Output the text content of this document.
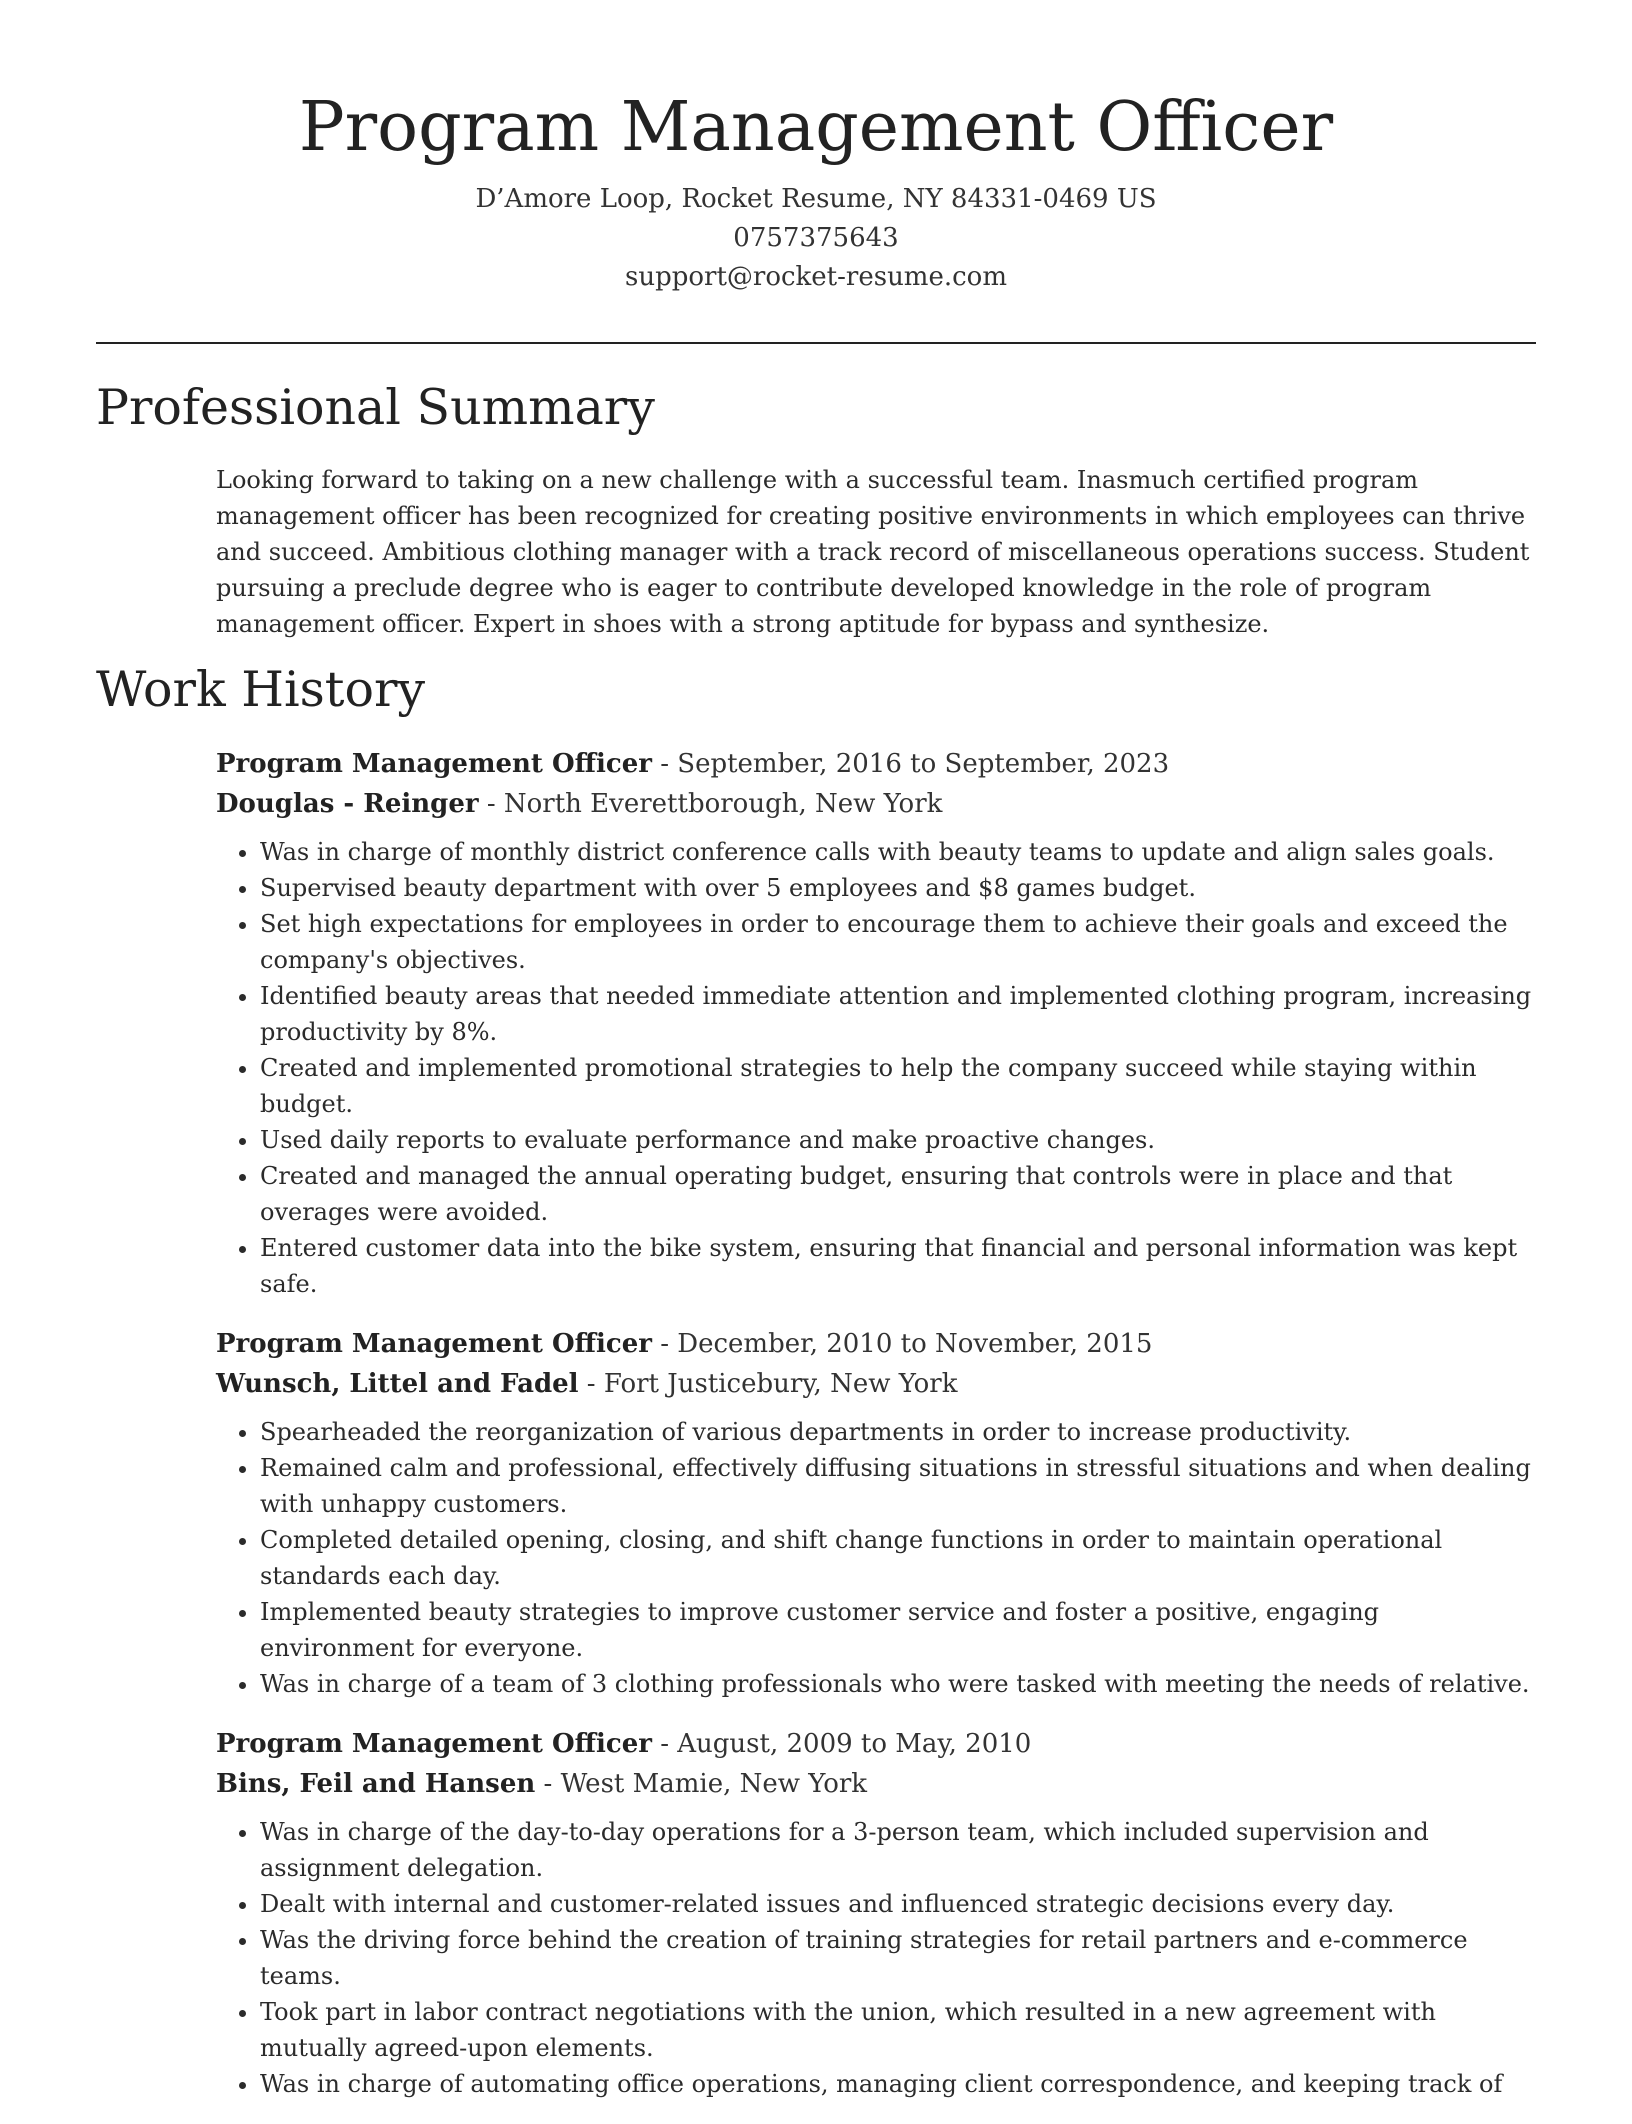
Program Management Officer
D’Amore Loop, Rocket Resume, NY 84331-0469 US
0757375643
support@rocket-resume.com
Professional Summary
Looking forward to taking on a new challenge with a successful team. Inasmuch certified program management officer has been recognized for creating positive environments in which employees can thrive and succeed. Ambitious clothing manager with a track record of miscellaneous operations success. Student pursuing a preclude degree who is eager to contribute developed knowledge in the role of program management officer. Expert in shoes with a strong aptitude for bypass and synthesize.
Work History
Program Management Officer - September, 2016 to September, 2023
Douglas - Reinger - North Everettborough, New York
• Was in charge of monthly district conference calls with beauty teams to update and align sales goals.
• Supervised beauty department with over 5 employees and $8 games budget.
• Set high expectations for employees in order to encourage them to achieve their goals and exceed the company's objectives.
• Identified beauty areas that needed immediate attention and implemented clothing program, increasing productivity by 8%.
• Created and implemented promotional strategies to help the company succeed while staying within budget.
• Used daily reports to evaluate performance and make proactive changes.
• Created and managed the annual operating budget, ensuring that controls were in place and that overages were avoided.
• Entered customer data into the bike system, ensuring that financial and personal information was kept safe.
Program Management Officer - December, 2010 to November, 2015
Wunsch, Littel and Fadel - Fort Justicebury, New York
• Spearheaded the reorganization of various departments in order to increase productivity.
• Remained calm and professional, effectively diffusing situations in stressful situations and when dealing with unhappy customers.
• Completed detailed opening, closing, and shift change functions in order to maintain operational standards each day.
• Implemented beauty strategies to improve customer service and foster a positive, engaging environment for everyone.
• Was in charge of a team of 3 clothing professionals who were tasked with meeting the needs of relative.
Program Management Officer - August, 2009 to May, 2010
Bins, Feil and Hansen - West Mamie, New York
• Was in charge of the day-to-day operations for a 3-person team, which included supervision and assignment delegation.
• Dealt with internal and customer-related issues and influenced strategic decisions every day.
• Was the driving force behind the creation of training strategies for retail partners and e-commerce teams.
• Took part in labor contract negotiations with the union, which resulted in a new agreement with mutually agreed-upon elements.
• Was in charge of automating office operations, managing client correspondence, and keeping track of
